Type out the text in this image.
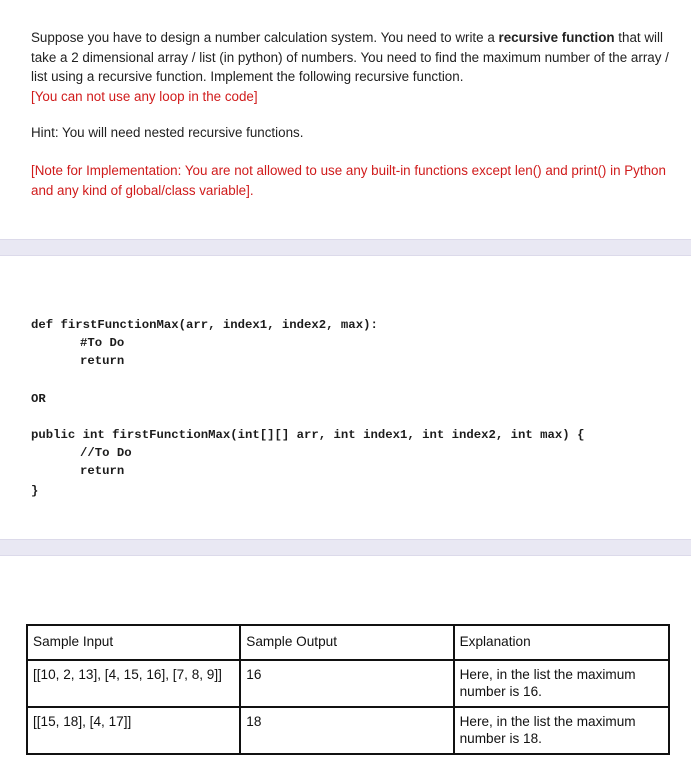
Suppose you have to design a number calculation system. You need to write a recursive function that will take a 2 dimensional array / list (in python) of numbers. You need to find the maximum number of the array / list using a recursive function. Implement the following recursive function.
[You can not use any loop in the code]
Hint: You will need nested recursive functions.
[Note for Implementation: You are not allowed to use any built-in functions except len() and print() in Python and any kind of global/class variable].
def firstFunctionMax(arr, index1, index2, max):
#To Do
return
OR
public int firstFunctionMax(int[][] arr, int index1, int index2, int max) {
//To Do
return
}
Sample Input	Sample Output	Explanation
[[10, 2, 13], [4, 15, 16], [7, 8, 9]]	16	Here, in the list the maximum number is 16.
[[15, 18], [4, 17]]	18	Here, in the list the maximum number is 18.
